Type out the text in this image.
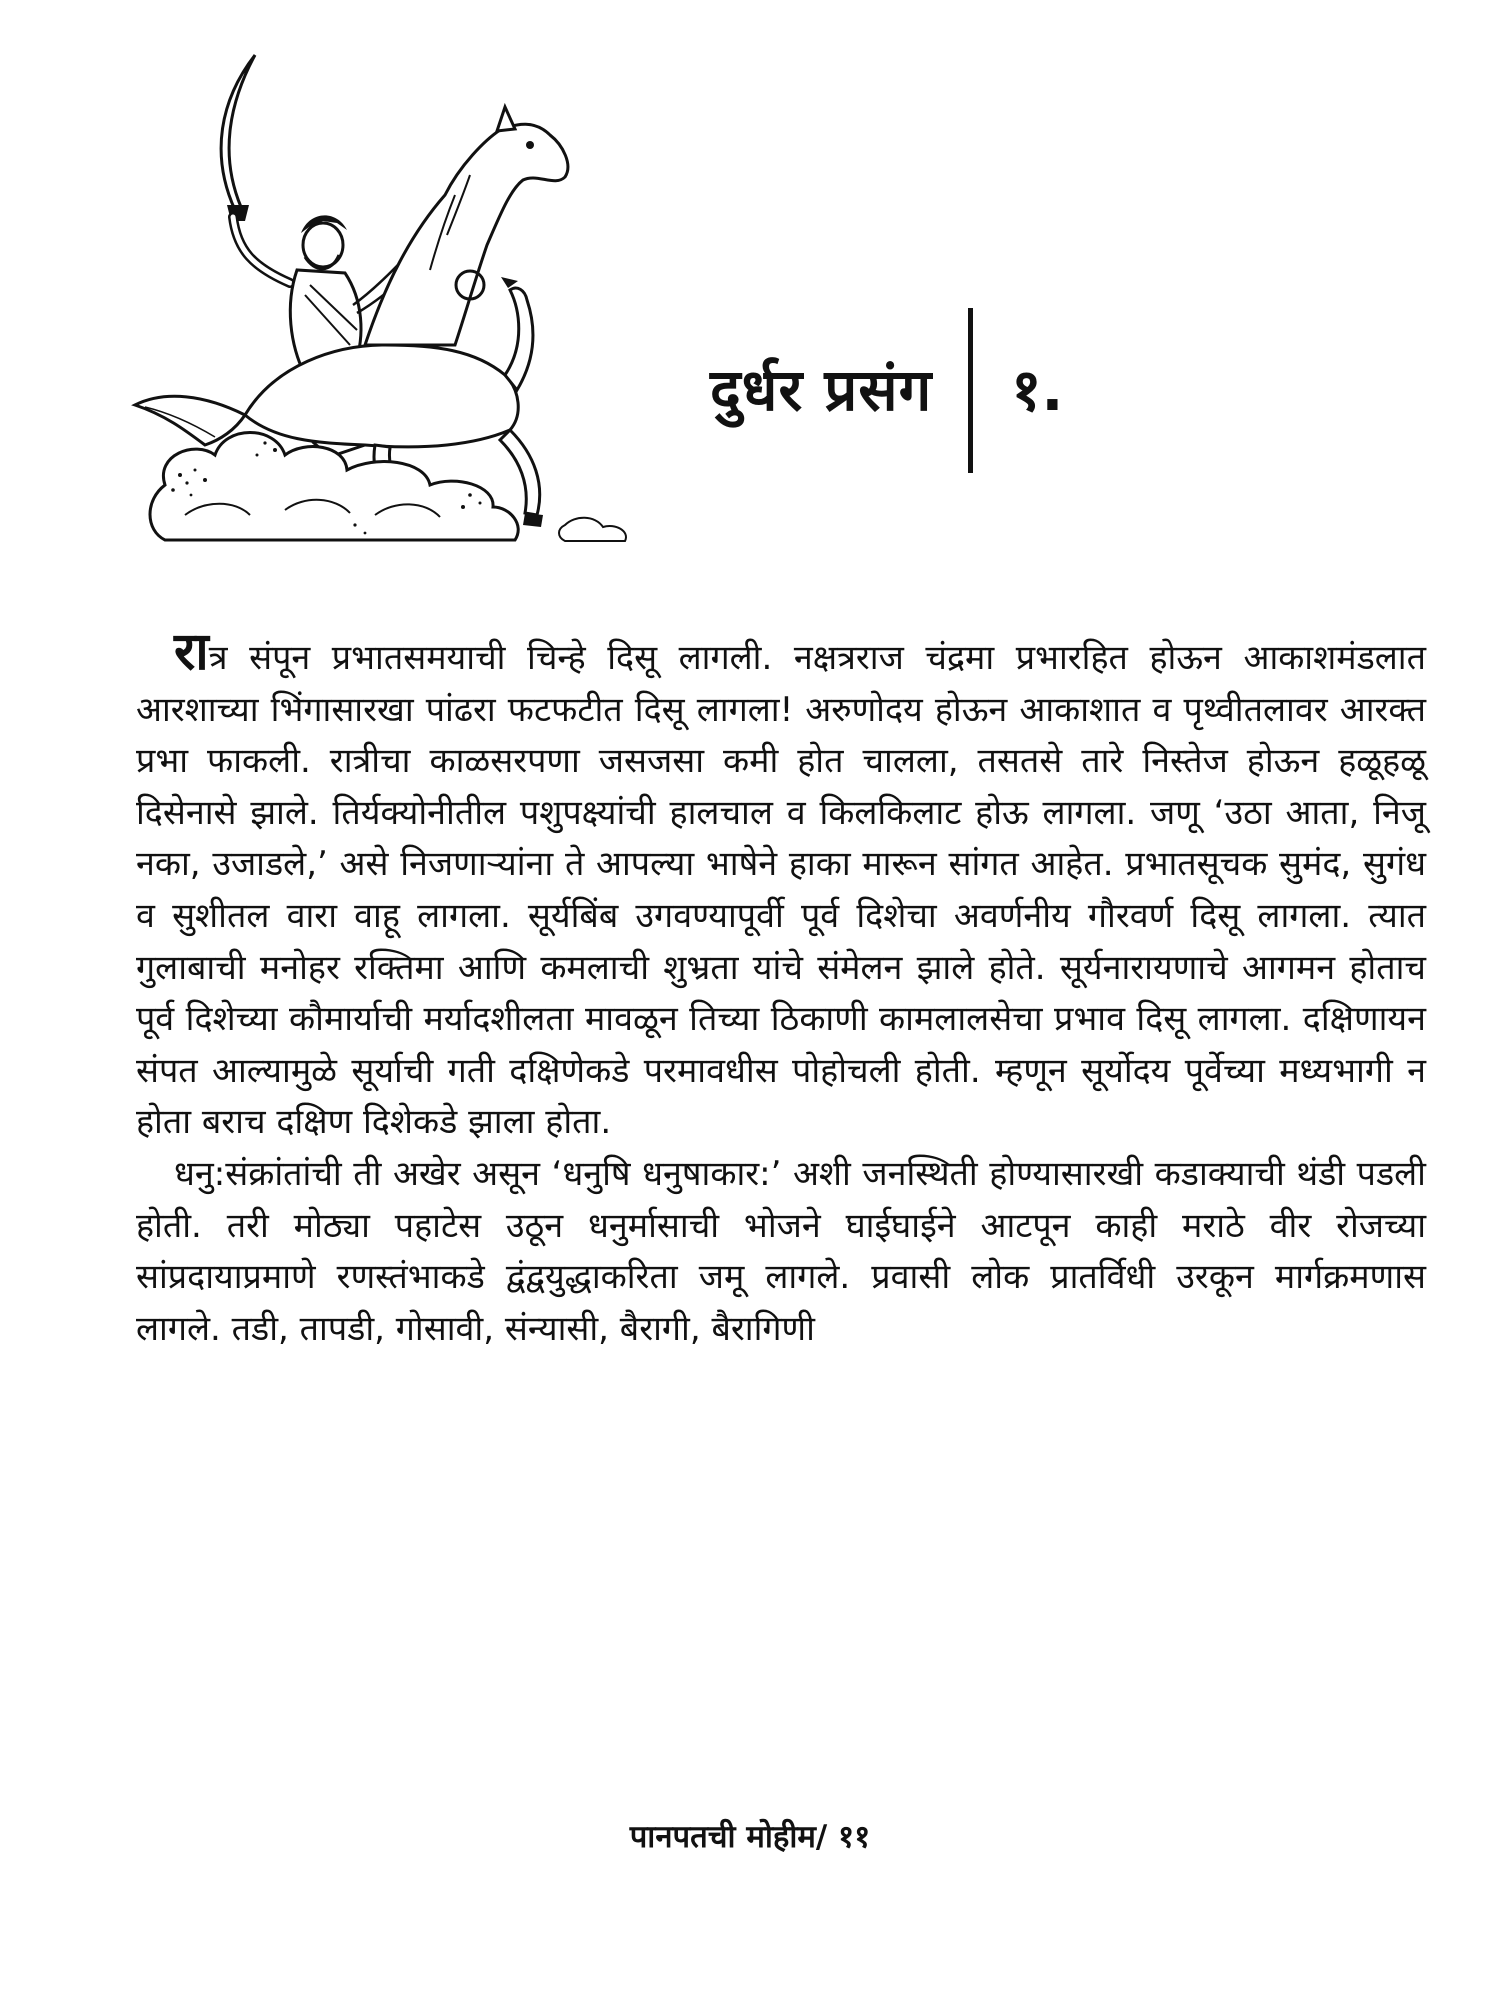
दुर्धर प्रसंग १.

रात्र संपून प्रभातसमयाची चिन्हे दिसू लागली. नक्षत्रराज चंद्रमा प्रभारहित होऊन आकाशमंडलात आरशाच्या भिंगासारखा पांढरा फटफटीत दिसू लागला! अरुणोदय होऊन आकाशात व पृथ्वीतलावर आरक्त प्रभा फाकली. रात्रीचा काळसरपणा जसजसा कमी होत चालला, तसतसे तारे निस्तेज होऊन हळूहळू दिसेनासे झाले. तिर्यक्योनीतील पशुपक्ष्यांची हालचाल व किलकिलाट होऊ लागला. जणू ‘उठा आता, निजू नका, उजाडले,’ असे निजणाऱ्यांना ते आपल्या भाषेने हाका मारून सांगत आहेत. प्रभातसूचक सुमंद, सुगंध व सुशीतल वारा वाहू लागला. सूर्यबिंब उगवण्यापूर्वी पूर्व दिशेचा अवर्णनीय गौरवर्ण दिसू लागला. त्यात गुलाबाची मनोहर रक्तिमा आणि कमलाची शुभ्रता यांचे संमेलन झाले होते. सूर्यनारायणाचे आगमन होताच पूर्व दिशेच्या कौमार्याची मर्यादशीलता मावळून तिच्या ठिकाणी कामलालसेचा प्रभाव दिसू लागला. दक्षिणायन संपत आल्यामुळे सूर्याची गती दक्षिणेकडे परमावधीस पोहोचली होती. म्हणून सूर्योदय पूर्वेच्या मध्यभागी न होता बराच दक्षिण दिशेकडे झाला होता.

धनु:संक्रांतांची ती अखेर असून ‘धनुषि धनुषाकार:’ अशी जनस्थिती होण्यासारखी कडाक्याची थंडी पडली होती. तरी मोठ्या पहाटेस उठून धनुर्मासाची भोजने घाईघाईने आटपून काही मराठे वीर रोजच्या सांप्रदायाप्रमाणे रणस्तंभाकडे द्वंद्वयुद्धाकरिता जमू लागले. प्रवासी लोक प्रातर्विधी उरकून मार्गक्रमणास लागले. तडी, तापडी, गोसावी, संन्यासी, बैरागी, बैरागिणी

पानपतची मोहीम/ ११
